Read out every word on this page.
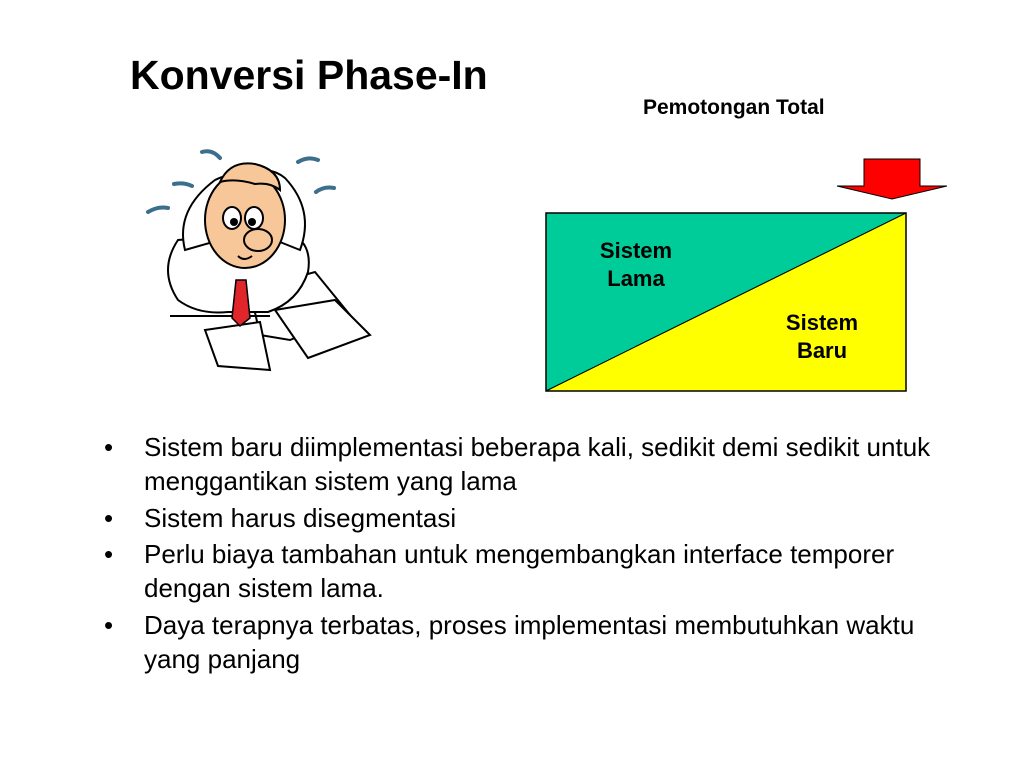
Konversi Phase-In
Pemotongan Total
Sistem
Lama
Sistem
Baru
• Sistem baru diimplementasi beberapa kali, sedikit demi sedikit untuk menggantikan sistem yang lama
• Sistem harus disegmentasi
• Perlu biaya tambahan untuk mengembangkan interface temporer dengan sistem lama.
• Daya terapnya terbatas, proses implementasi membutuhkan waktu yang panjang
